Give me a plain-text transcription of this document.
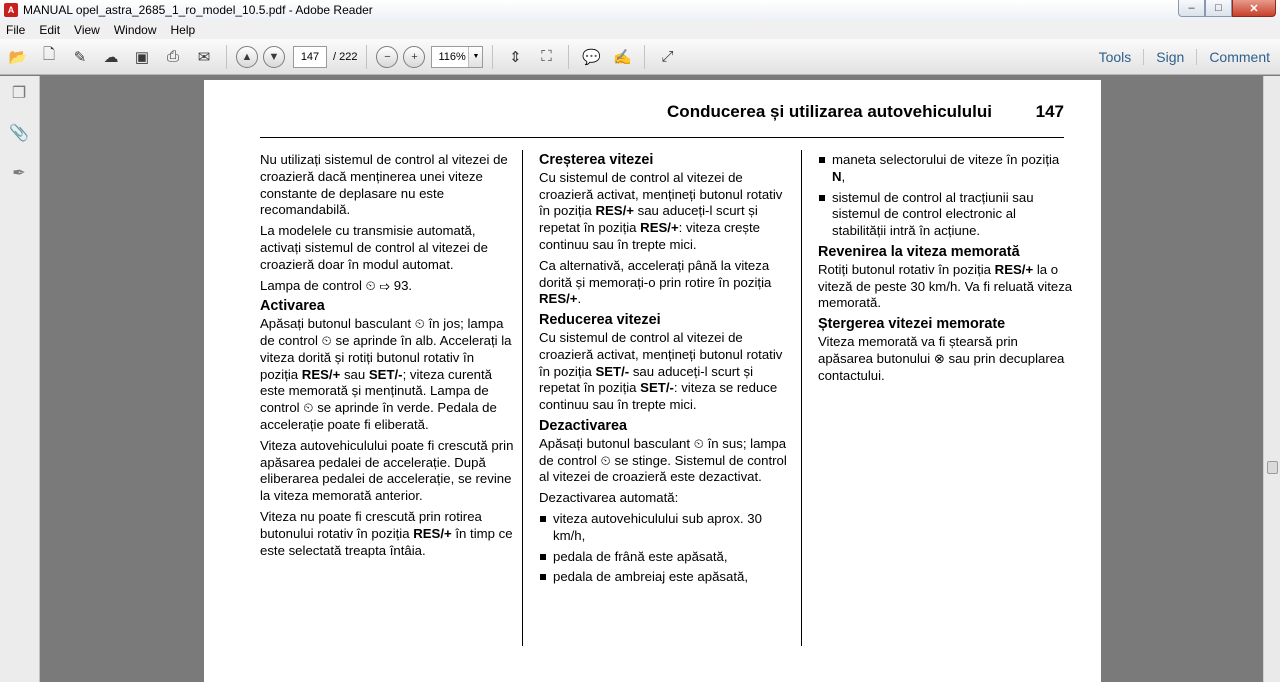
A MANUAL opel_astra_2685_1_ro_model_10.5.pdf - Adobe Reader	–	□	✕
File Edit View Window Help
📂	🗋	✎	☁	▣	⎙	✉	▲	▼	147	/ 222	−	+	116% ▼	⇕	⛶	💬 ✍	⤢	Tools	Sign	Comment
❐
📎
✒
Conducerea și utilizarea autovehiculului	147

Nu utilizați sistemul de control al vitezei de croazieră dacă menținerea unei viteze constante de deplasare nu este recomandabilă.

La modelele cu transmisie automată, activați sistemul de control al vitezei de croazieră doar în modul automat.

Lampa de control ⏲ ⇨ 93.

Activarea

Apăsați butonul basculant ⏲ în jos; lampa de control ⏲ se aprinde în alb. Accelerați la viteza dorită și rotiți butonul rotativ în poziția RES/+ sau SET/-; viteza curentă este memorată și menținută. Lampa de control ⏲ se aprinde în verde. Pedala de accelerație poate fi eliberată.

Viteza autovehiculului poate fi crescută prin apăsarea pedalei de accelerație. După eliberarea pedalei de accelerație, se revine la viteza memorată anterior.

Viteza nu poate fi crescută prin rotirea butonului rotativ în poziția RES/+ în timp ce este selectată treapta întâia.

Creșterea vitezei

Cu sistemul de control al vitezei de croazieră activat, mențineți butonul rotativ în poziția RES/+ sau aduceți-l scurt și repetat în poziția RES/+: viteza crește continuu sau în trepte mici.

Ca alternativă, accelerați până la viteza dorită și memorați-o prin rotire în poziția RES/+.

Reducerea vitezei

Cu sistemul de control al vitezei de croazieră activat, mențineți butonul rotativ în poziția SET/- sau aduceți-l scurt și repetat în poziția SET/-: viteza se reduce continuu sau în trepte mici.

Dezactivarea

Apăsați butonul basculant ⏲ în sus; lampa de control ⏲ se stinge. Sistemul de control al vitezei de croazieră este dezactivat.

Dezactivarea automată:

viteza autovehiculului sub aprox. 30 km/h,
pedala de frână este apăsată,
pedala de ambreiaj este apăsată,
maneta selectorului de viteze în poziția N,
sistemul de control al tracțiunii sau sistemul de control electronic al stabilității intră în acțiune.
Revenirea la viteza memorată

Rotiți butonul rotativ în poziția RES/+ la o viteză de peste 30 km/h. Va fi reluată viteza memorată.

Ștergerea vitezei memorate

Viteza memorată va fi ștearsă prin apăsarea butonului ⊗ sau prin decuplarea contactului.
